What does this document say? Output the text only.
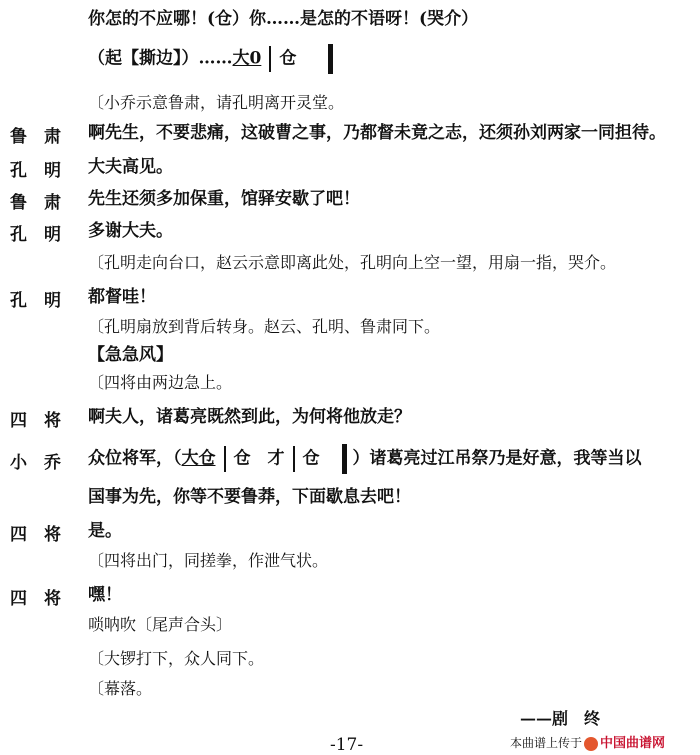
你怎的不应哪！(仓）你……是怎的不语呀！(哭介）
（起【撕边】）……大0 仓
〔小乔示意鲁肃，请孔明离开灵堂。
鲁　肃	啊先生，不要悲痛，这破曹之事，乃都督未竟之志，还须孙刘两家一同担待。
孔　明	大夫高见。
鲁　肃	先生还须多加保重，馆驿安歇了吧！
孔　明	多谢大夫。
〔孔明走向台口，赵云示意即离此处，孔明向上空一望，用扇一指，哭介。
孔　明	都督哇！
〔孔明扇放到背后转身。赵云、孔明、鲁肃同下。
【急急风】
〔四将由两边急上。
四　将	啊夫人，诸葛亮既然到此，为何将他放走？
小　乔	众位将军，（大仓 仓　才 仓 ）诸葛亮过江吊祭乃是好意，我等当以
国事为先，你等不要鲁莽，下面歇息去吧！
四　将	是。
〔四将出门，同搓拳，作泄气状。
四　将	嘿！
唢呐吹〔尾声合头〕
〔大锣打下，众人同下。
〔幕落。
——剧　终
-17-	本曲谱上传于 中国曲谱网
